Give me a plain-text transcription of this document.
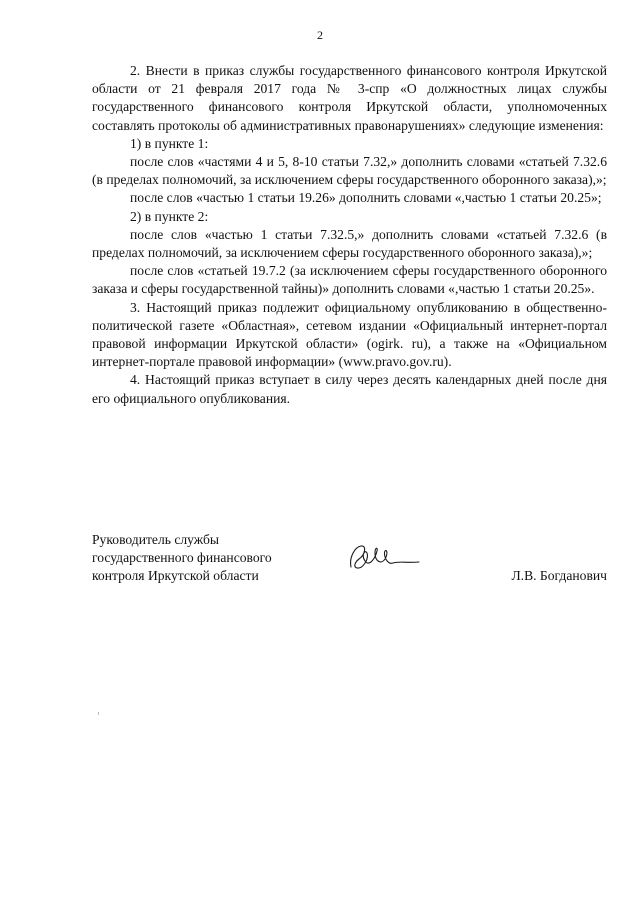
2

2. Внести в приказ службы государственного финансового контроля Иркутской области от 21 февраля 2017 года № 3-спр «О должностных лицах службы государственного финансового контроля Иркутской области, уполномоченных составлять протоколы об административных правонарушениях» следующие изменения:

1) в пункте 1:

после слов «частями 4 и 5, 8-10 статьи 7.32,» дополнить словами «статьей 7.32.6 (в пределах полномочий, за исключением сферы государственного оборонного заказа),»;

после слов «частью 1 статьи 19.26» дополнить словами «,частью 1 статьи 20.25»;

2) в пункте 2:

после слов «частью 1 статьи 7.32.5,» дополнить словами «статьей 7.32.6 (в пределах полномочий, за исключением сферы государственного оборонного заказа),»;

после слов «статьей 19.7.2 (за исключением сферы государственного оборонного заказа и сферы государственной тайны)» дополнить словами «,частью 1 статьи 20.25».

3. Настоящий приказ подлежит официальному опубликованию в общественно-политической газете «Областная», сетевом издании «Официальный интернет-портал правовой информации Иркутской области» (ogirk. ru), а также на «Официальном интернет-портале правовой информации» (www.pravo.gov.ru).

4. Настоящий приказ вступает в силу через десять календарных дней после дня его официального опубликования.

Руководитель службы
государственного финансового
контроля Иркутской области	Л.В. Богданович
